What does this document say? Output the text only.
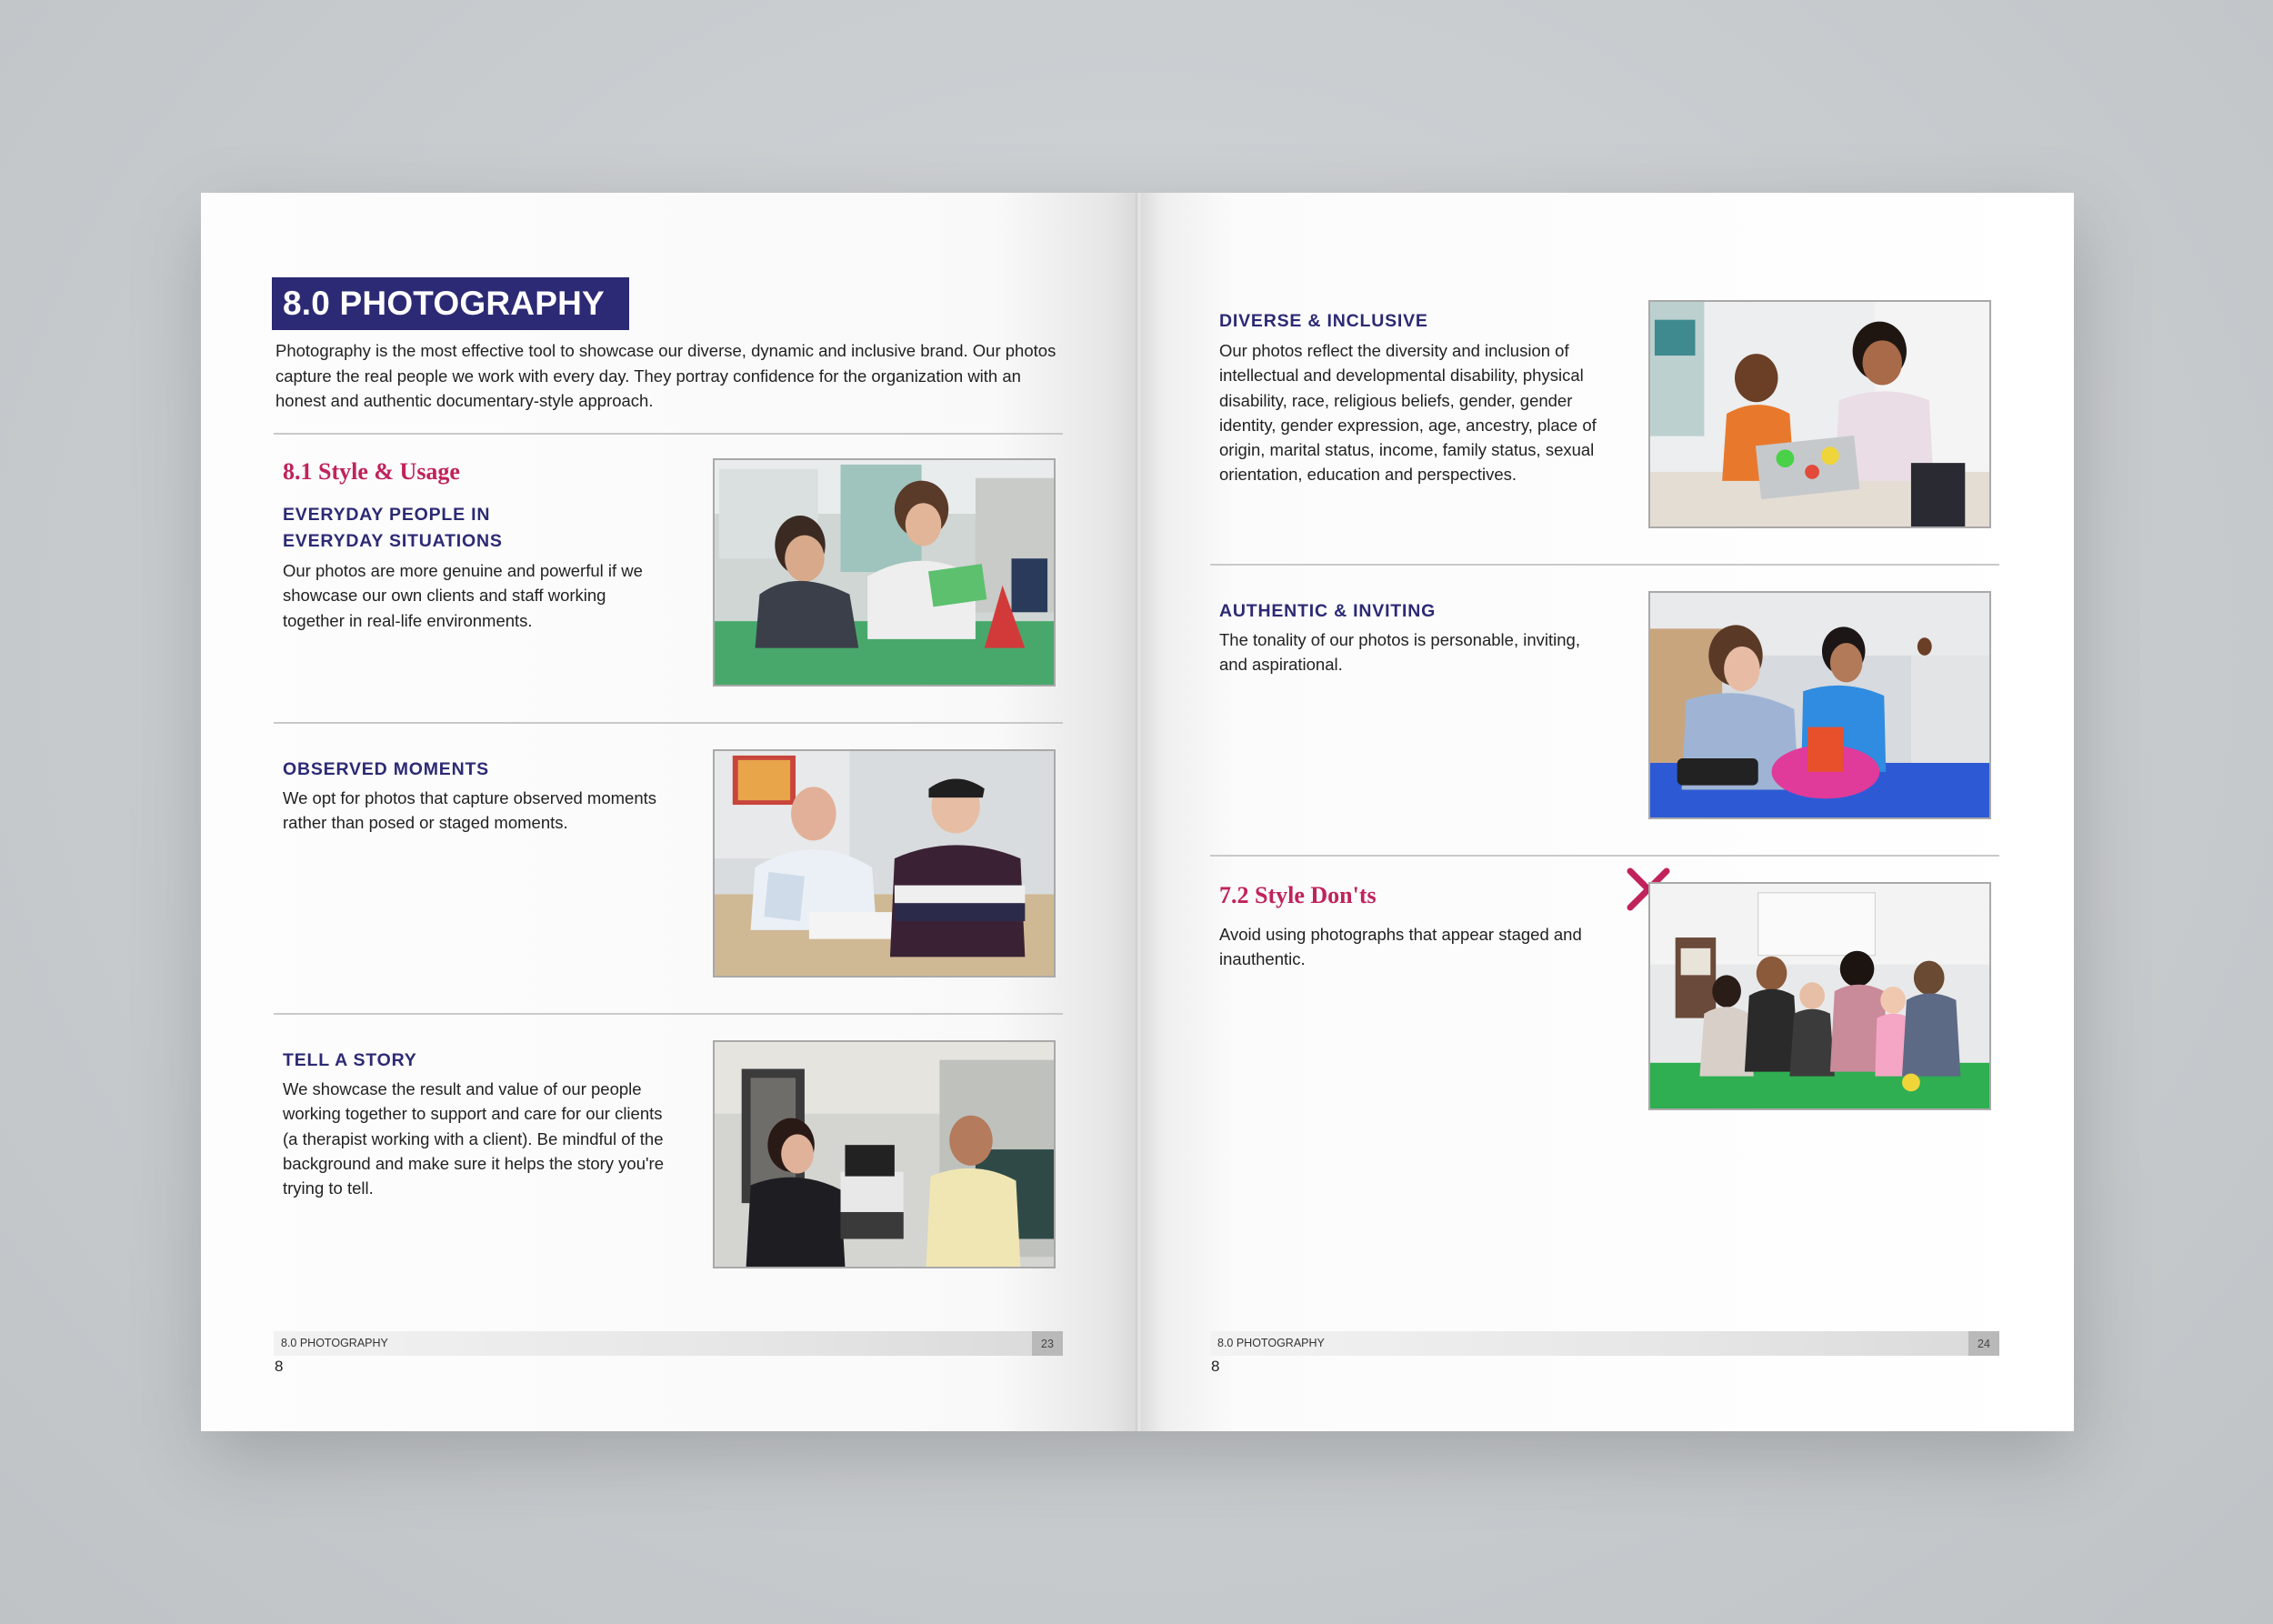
8.0 PHOTOGRAPHY
Photography is the most effective tool to showcase our diverse, dynamic and inclusive brand. Our photos capture the real people we work with every day. They portray confidence for the organization with an honest and authentic documentary-style approach.
8.1 Style & Usage
EVERYDAY PEOPLE IN
EVERYDAY SITUATIONS
Our photos are more genuine and powerful if we showcase our own clients and staff working together in real-life environments.
OBSERVED MOMENTS
We opt for photos that capture observed moments rather than posed or staged moments.
TELL A STORY
We showcase the result and value of our people working together to support and care for our clients (a therapist working with a client). Be mindful of the background and make sure it helps the story you're trying to tell.
8.0 PHOTOGRAPHY	23
8
DIVERSE & INCLUSIVE
Our photos reflect the diversity and inclusion of intellectual and developmental disability, physical disability, race, religious beliefs, gender, gender identity, gender expression, age, ancestry, place of origin, marital status, income, family status, sexual orientation, education and perspectives.
AUTHENTIC & INVITING
The tonality of our photos is personable, inviting, and aspirational.
7.2 Style Don'ts
Avoid using photographs that appear staged and inauthentic.
8.0 PHOTOGRAPHY	24
8
